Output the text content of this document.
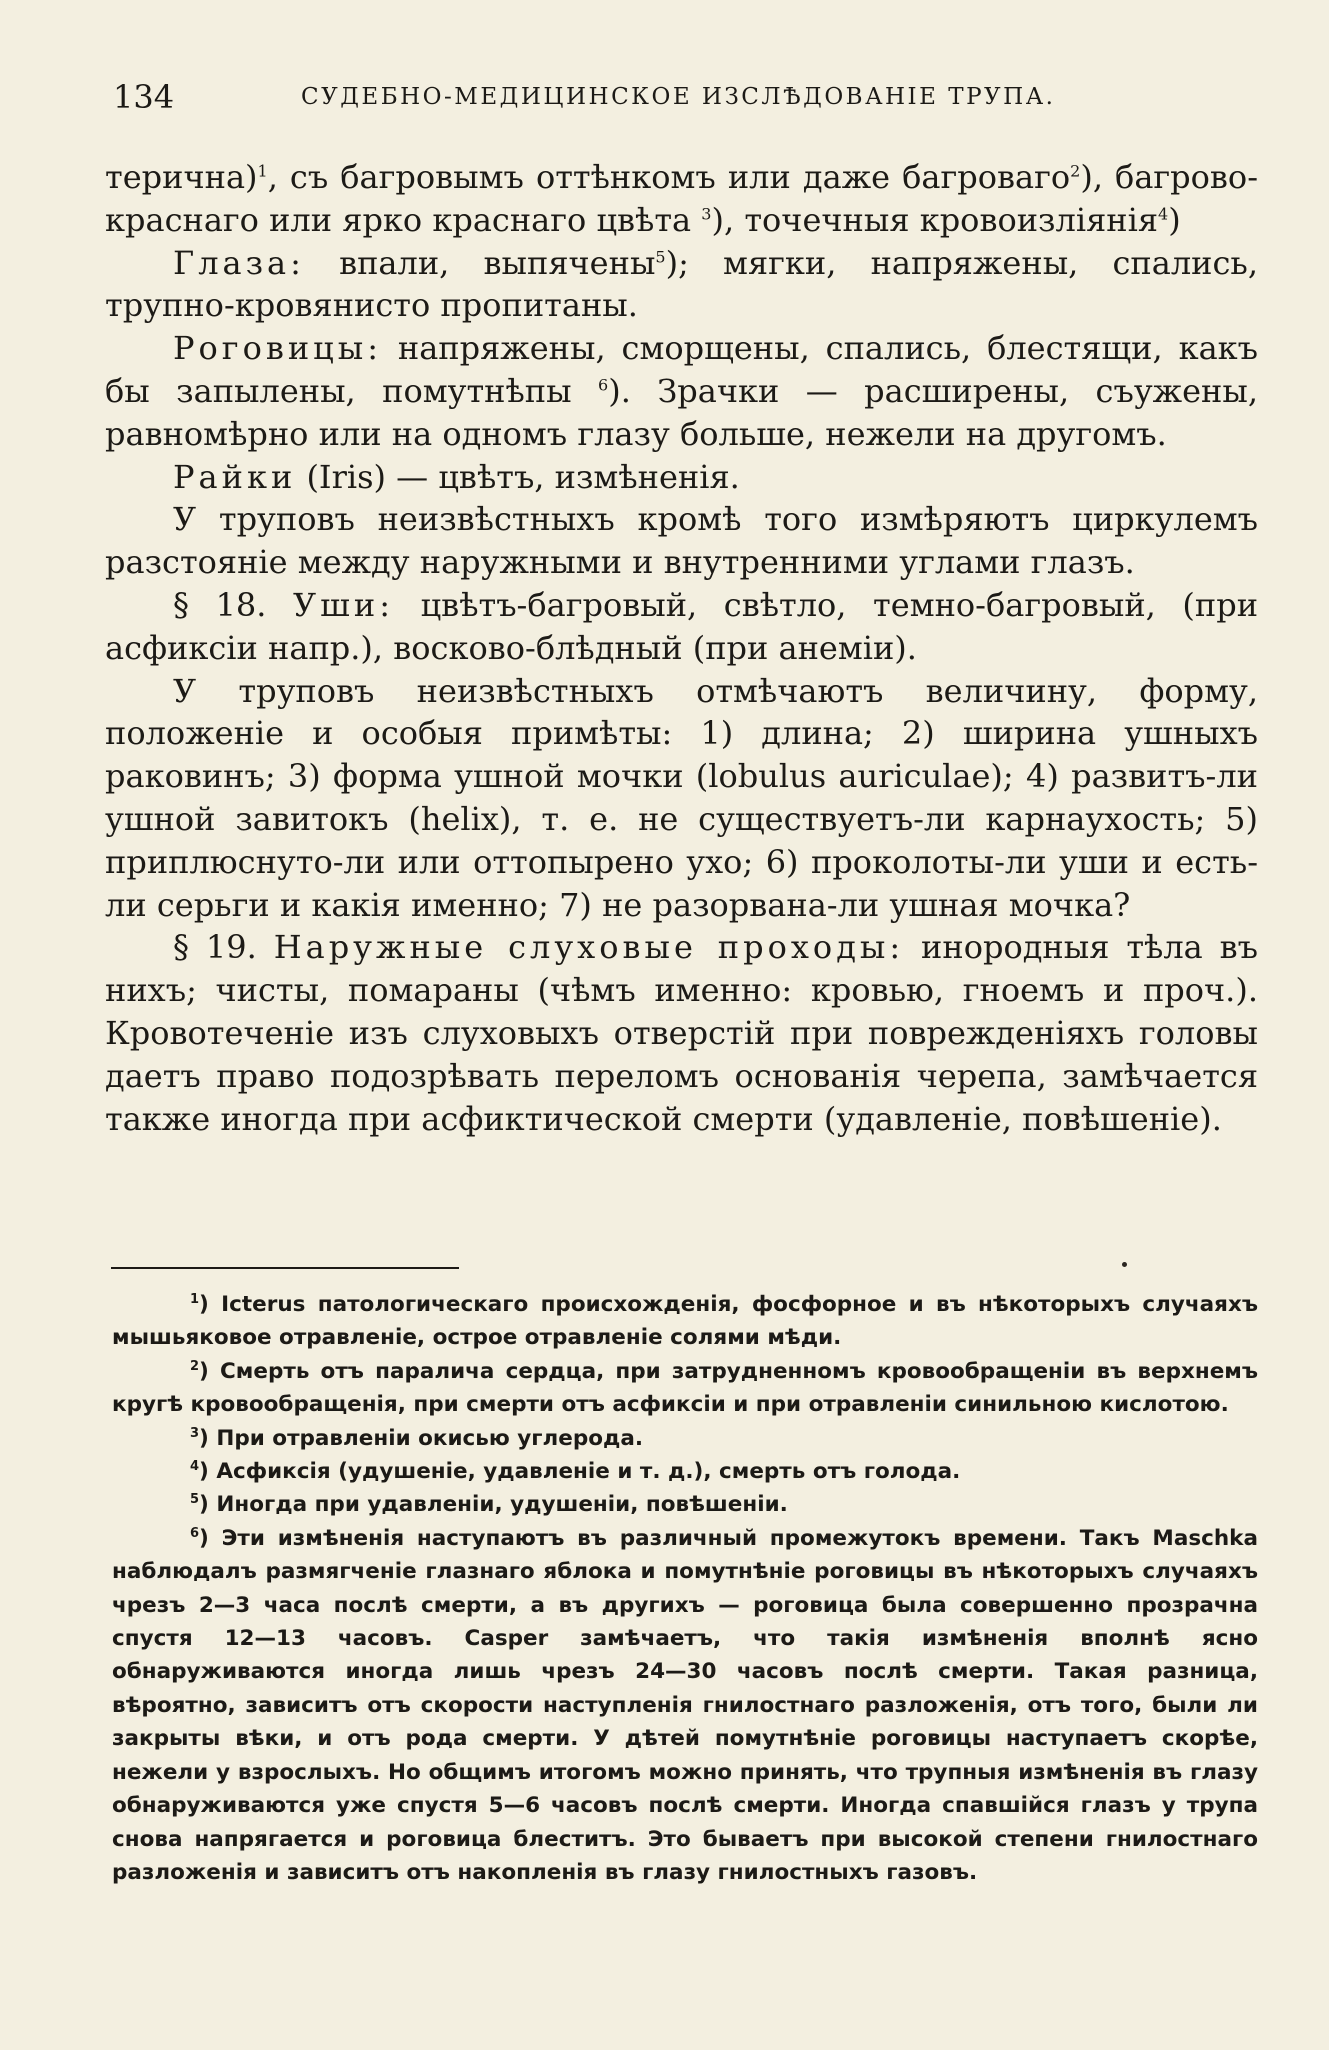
134	СУДЕБНО-МЕДИЦИНСКОЕ ИЗСЛѢДОВАНІЕ ТРУПА.

терична)$^1$, съ багровымъ оттѣнкомъ или даже багроваго$^2$), багрово-краснаго или ярко краснаго цвѣта $^3$), точечныя кровоизліянія$^4$)

Глаза: впали, выпячены$^5$); мягки, напряжены, спались, трупно-кровянисто пропитаны.

Роговицы: напряжены, сморщены, спались, блестящи, какъ бы запылены, помутнѣпы $^6$). Зрачки — расширены, съужены, равномѣрно или на одномъ глазу больше, нежели на другомъ.

Райки (Iris) — цвѣтъ, измѣненія.

У труповъ неизвѣстныхъ кромѣ того измѣряютъ циркулемъ разстояніе между наружными и внутренними углами глазъ.

§ 18. Уши: цвѣтъ-багровый, свѣтло, темно-багровый, (при асфиксіи напр.), восково-блѣдный (при анеміи).

У труповъ неизвѣстныхъ отмѣчаютъ величину, форму, положеніе и особыя примѣты: 1) длина; 2) ширина ушныхъ раковинъ; 3) форма ушной мочки (lobulus auriculae); 4) развитъ-ли ушной завитокъ (helix), т. е. не существуетъ-ли карнаухость; 5) приплюснуто-ли или оттопырено ухо; 6) проколоты-ли уши и есть-ли серьги и какія именно; 7) не разорвана-ли ушная мочка?

§ 19. Наружные слуховые проходы: инородныя тѣла въ нихъ; чисты, помараны (чѣмъ именно: кровью, гноемъ и проч.). Кровотеченіе изъ слуховыхъ отверстій при поврежденіяхъ головы даетъ право подозрѣвать переломъ основанія черепа, замѣчается также иногда при асфиктической смерти (удавленіе, повѣшеніе).

$^1$) Icterus патологическаго происхожденія, фосфорное и въ нѣкоторыхъ случаяхъ мышьяковое отравленіе, острое отравленіе солями мѣди.

$^2$) Смерть отъ паралича сердца, при затрудненномъ кровообращеніи въ верхнемъ кругѣ кровообращенія, при смерти отъ асфиксіи и при отравленіи синильною кислотою.

$^3$) При отравленіи окисью углерода.

$^4$) Асфиксія (удушеніе, удавленіе и т. д.), смерть отъ голода.

$^5$) Иногда при удавленіи, удушеніи, повѣшеніи.

$^6$) Эти измѣненія наступаютъ въ различный промежутокъ времени. Такъ Maschka наблюдалъ размягченіе глазнаго яблока и помутнѣніе роговицы въ нѣкоторыхъ случаяхъ чрезъ 2—3 часа послѣ смерти, а въ другихъ — роговица была совершенно прозрачна спустя 12—13 часовъ. Casper замѣчаетъ, что такія измѣненія вполнѣ ясно обнаруживаются иногда лишь чрезъ 24—30 часовъ послѣ смерти. Такая разница, вѣроятно, зависитъ отъ скорости наступленія гнилостнаго разложенія, отъ того, были ли закрыты вѣки, и отъ рода смерти. У дѣтей помутнѣніе роговицы наступаетъ скорѣе, нежели у взрослыхъ. Но общимъ итогомъ можно принять, что трупныя измѣненія въ глазу обнаруживаются уже спустя 5—6 часовъ послѣ смерти. Иногда спавшійся глазъ у трупа снова напрягается и роговица блеститъ. Это бываетъ при высокой степени гнилостнаго разложенія и зависитъ отъ накопленія въ глазу гнилостныхъ газовъ.
